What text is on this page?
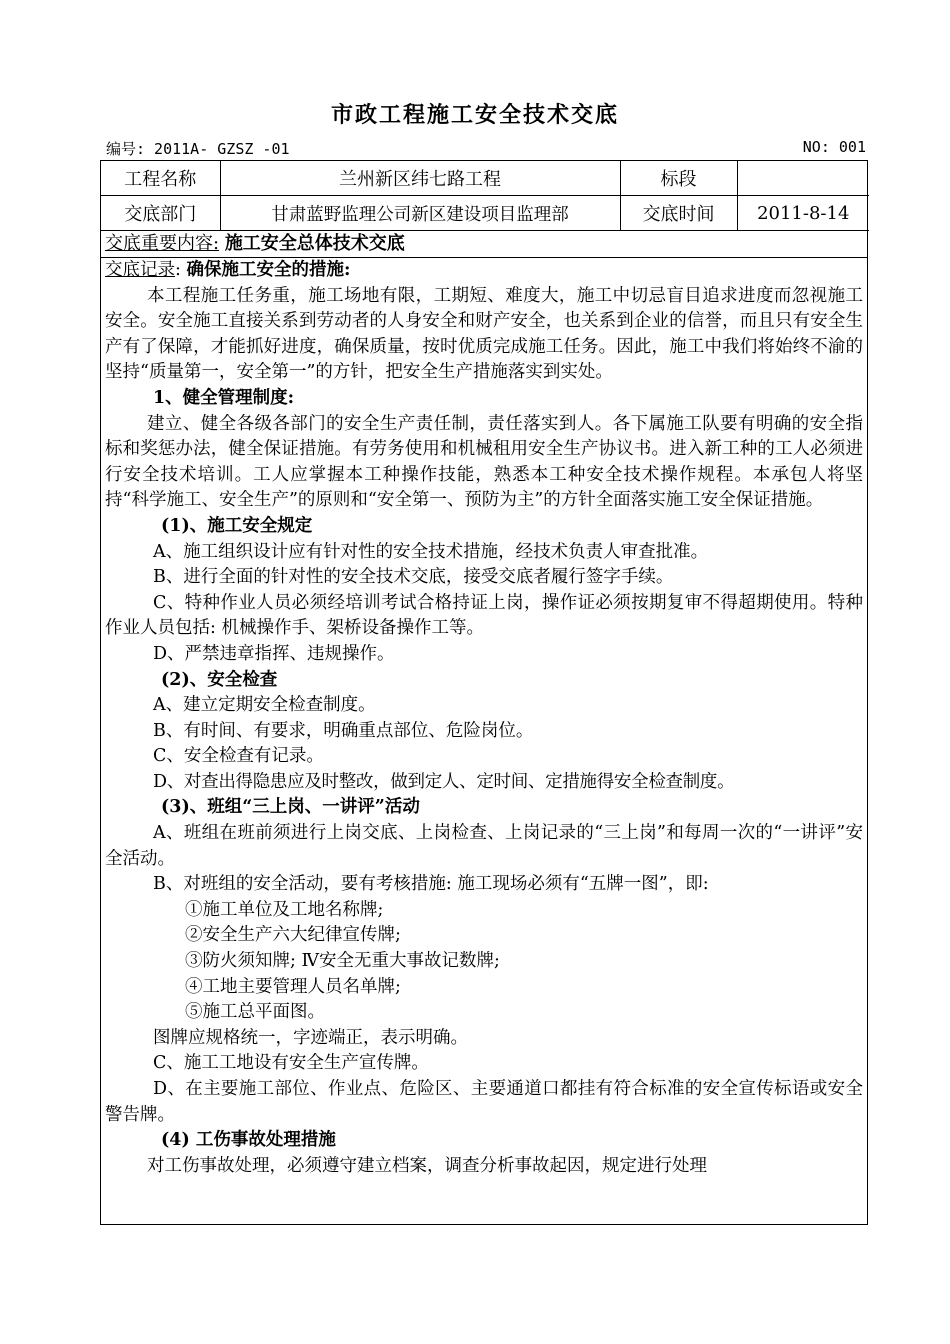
市政工程施工安全技术交底
编号: 2011A- GZSZ -01	NO: 001
工程名称	兰州新区纬七路工程	标段	
交底部门	甘肃蓝野监理公司新区建设项目监理部	交底时间	2011-8-14
交底重要内容: 施工安全总体技术交底

交底记录: 确保施工安全的措施:

本工程施工任务重，施工场地有限，工期短、难度大，施工中切忌盲目追求进度而忽视施工安全。安全施工直接关系到劳动者的人身安全和财产安全，也关系到企业的信誉，而且只有安全生产有了保障，才能抓好进度，确保质量，按时优质完成施工任务。因此，施工中我们将始终不渝的坚持“质量第一，安全第一”的方针，把安全生产措施落实到实处。

1、健全管理制度:

建立、健全各级各部门的安全生产责任制，责任落实到人。各下属施工队要有明确的安全指标和奖惩办法，健全保证措施。有劳务使用和机械租用安全生产协议书。进入新工种的工人必须进行安全技术培训。工人应掌握本工种操作技能，熟悉本工种安全技术操作规程。本承包人将坚持“科学施工、安全生产”的原则和“安全第一、预防为主”的方针全面落实施工安全保证措施。

(1)、施工安全规定

A、施工组织设计应有针对性的安全技术措施，经技术负责人审查批准。

B、进行全面的针对性的安全技术交底，接受交底者履行签字手续。

C、特种作业人员必须经培训考试合格持证上岗，操作证必须按期复审不得超期使用。特种作业人员包括: 机械操作手、架桥设备操作工等。

D、严禁违章指挥、违规操作。

(2)、安全检查

A、建立定期安全检查制度。

B、有时间、有要求，明确重点部位、危险岗位。

C、安全检查有记录。

D、对查出得隐患应及时整改，做到定人、定时间、定措施得安全检查制度。

(3)、班组“三上岗、一讲评”活动

A、班组在班前须进行上岗交底、上岗检查、上岗记录的“三上岗”和每周一次的“一讲评”安全活动。

B、对班组的安全活动，要有考核措施: 施工现场必须有“五牌一图”，即:

①施工单位及工地名称牌;

②安全生产六大纪律宣传牌;

③防火须知牌; Ⅳ安全无重大事故记数牌;

④工地主要管理人员名单牌;

⑤施工总平面图。

图牌应规格统一，字迹端正，表示明确。

C、施工工地设有安全生产宣传牌。

D、在主要施工部位、作业点、危险区、主要通道口都挂有符合标准的安全宣传标语或安全警告牌。

(4) 工伤事故处理措施

对工伤事故处理，必须遵守建立档案，调查分析事故起因，规定进行处理
